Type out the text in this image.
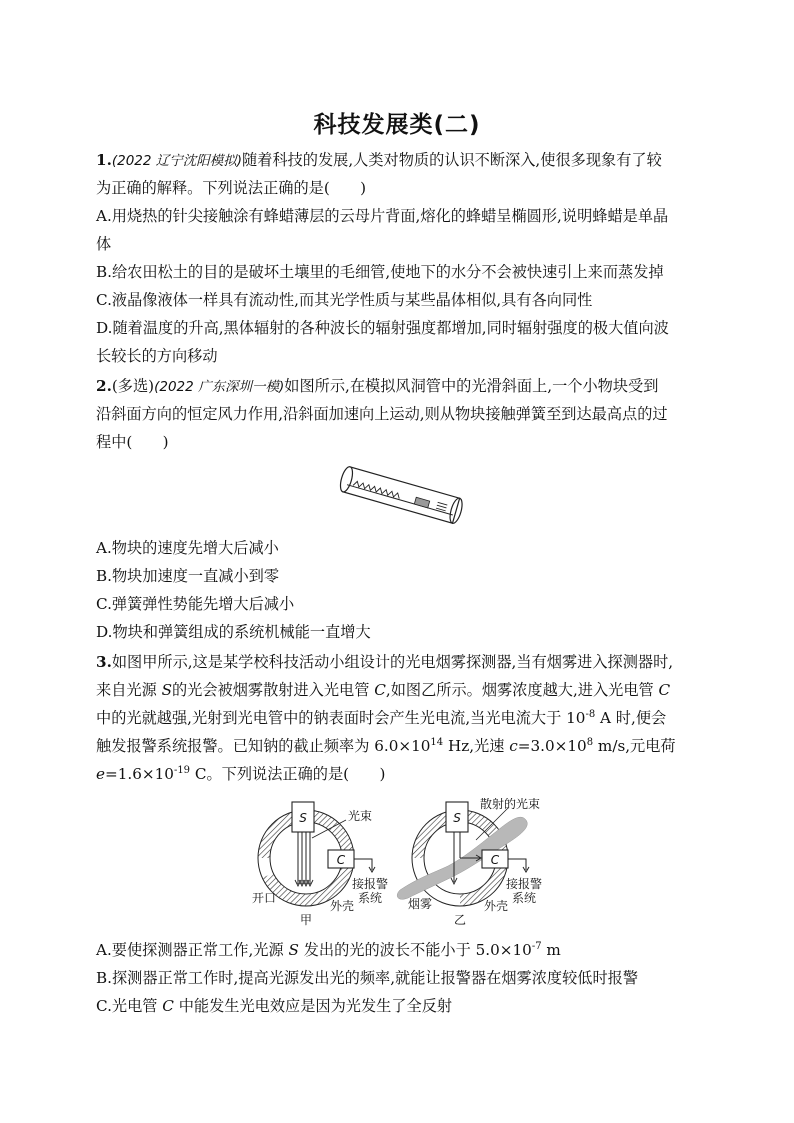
科技发展类(二)
1.(2022 辽宁沈阳模拟)随着科技的发展,人类对物质的认识不断深入,使很多现象有了较
为正确的解释。下列说法正确的是(　　)
A.用烧热的针尖接触涂有蜂蜡薄层的云母片背面,熔化的蜂蜡呈椭圆形,说明蜂蜡是单晶
体
B.给农田松土的目的是破坏土壤里的毛细管,使地下的水分不会被快速引上来而蒸发掉
C.液晶像液体一样具有流动性,而其光学性质与某些晶体相似,具有各向同性
D.随着温度的升高,黑体辐射的各种波长的辐射强度都增加,同时辐射强度的极大值向波
长较长的方向移动
2.(多选)(2022 广东深圳一模)如图所示,在模拟风洞管中的光滑斜面上,一个小物块受到
沿斜面方向的恒定风力作用,沿斜面加速向上运动,则从物块接触弹簧至到达最高点的过
程中(　　)
A.物块的速度先增大后减小
B.物块加速度一直减小到零
C.弹簧弹性势能先增大后减小
D.物块和弹簧组成的系统机械能一直增大
3.如图甲所示,这是某学校科技活动小组设计的光电烟雾探测器,当有烟雾进入探测器时,
来自光源 S的光会被烟雾散射进入光电管 C,如图乙所示。烟雾浓度越大,进入光电管 C
中的光就越强,光射到光电管中的钠表面时会产生光电流,当光电流大于 $10^{-8}$ A 时,便会
触发报警系统报警。已知钠的截止频率为 $6.0\times 10^{14}$ Hz,光速 $c=3.0\times 10^8$ m/s,元电荷
$e=1.6\times 10^{-19}$ C。下列说法正确的是(　　)
S	光束
C
接报警
系统
开口
外壳
甲
S
散射的光束
C
接报警
系统
烟雾	外壳
乙
A.要使探测器正常工作,光源 S 发出的光的波长不能小于 $5.0\times 10^{-7}$ m
B.探测器正常工作时,提高光源发出光的频率,就能让报警器在烟雾浓度较低时报警
C.光电管 C 中能发生光电效应是因为光发生了全反射
